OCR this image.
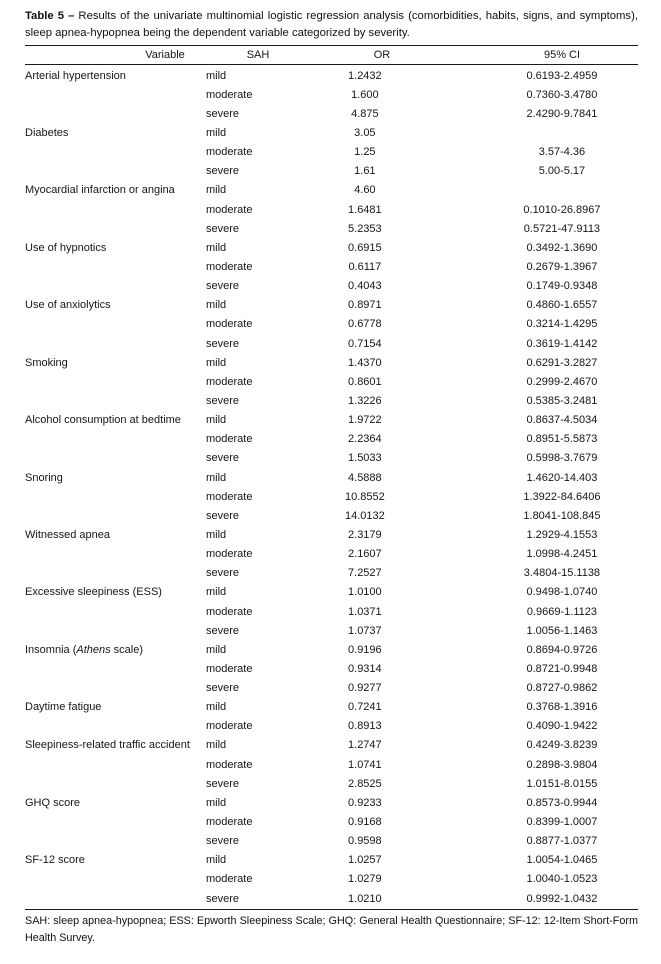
Table 5 – Results of the univariate multinomial logistic regression analysis (comorbidities, habits, signs, and symptoms), sleep apnea-hypopnea being the dependent variable categorized by severity.

Variable	SAH	OR	95% CI
Arterial hypertension	mild	1.2432	0.6193-2.4959
moderate	1.600	0.7360-3.4780
severe	4.875	2.4290-9.7841
Diabetes	mild	3.05
moderate	1.25	3.57-4.36
severe	1.61	5.00-5.17
Myocardial infarction or angina	mild	4.60
moderate	1.6481	0.1010-26.8967
severe	5.2353	0.5721-47.9113
Use of hypnotics	mild	0.6915	0.3492-1.3690
moderate	0.6117	0.2679-1.3967
severe	0.4043	0.1749-0.9348
Use of anxiolytics	mild	0.8971	0.4860-1.6557
moderate	0.6778	0.3214-1.4295
severe	0.7154	0.3619-1.4142
Smoking	mild	1.4370	0.6291-3.2827
moderate	0.8601	0.2999-2.4670
severe	1.3226	0.5385-3.2481
Alcohol consumption at bedtime	mild	1.9722	0.8637-4.5034
moderate	2.2364	0.8951-5.5873
severe	1.5033	0.5998-3.7679
Snoring	mild	4.5888	1.4620-14.403
moderate	10.8552	1.3922-84.6406
severe	14.0132	1.8041-108.845
Witnessed apnea	mild	2.3179	1.2929-4.1553
moderate	2.1607	1.0998-4.2451
severe	7.2527	3.4804-15.1138
Excessive sleepiness (ESS)	mild	1.0100	0.9498-1.0740
moderate	1.0371	0.9669-1.1123
severe	1.0737	1.0056-1.1463
Insomnia (Athens scale)	mild	0.9196	0.8694-0.9726
moderate	0.9314	0.8721-0.9948
severe	0.9277	0.8727-0.9862
Daytime fatigue	mild	0.7241	0.3768-1.3916
moderate	0.8913	0.4090-1.9422
Sleepiness-related traffic accident	mild	1.2747	0.4249-3.8239
moderate	1.0741	0.2898-3.9804
severe	2.8525	1.0151-8.0155
GHQ score	mild	0.9233	0.8573-0.9944
moderate	0.9168	0.8399-1.0007
severe	0.9598	0.8877-1.0377
SF-12 score	mild	1.0257	1.0054-1.0465
moderate	1.0279	1.0040-1.0523
severe	1.0210	0.9992-1.0432

SAH: sleep apnea-hypopnea; ESS: Epworth Sleepiness Scale; GHQ: General Health Questionnaire; SF-12: 12-Item Short-Form Health Survey.
